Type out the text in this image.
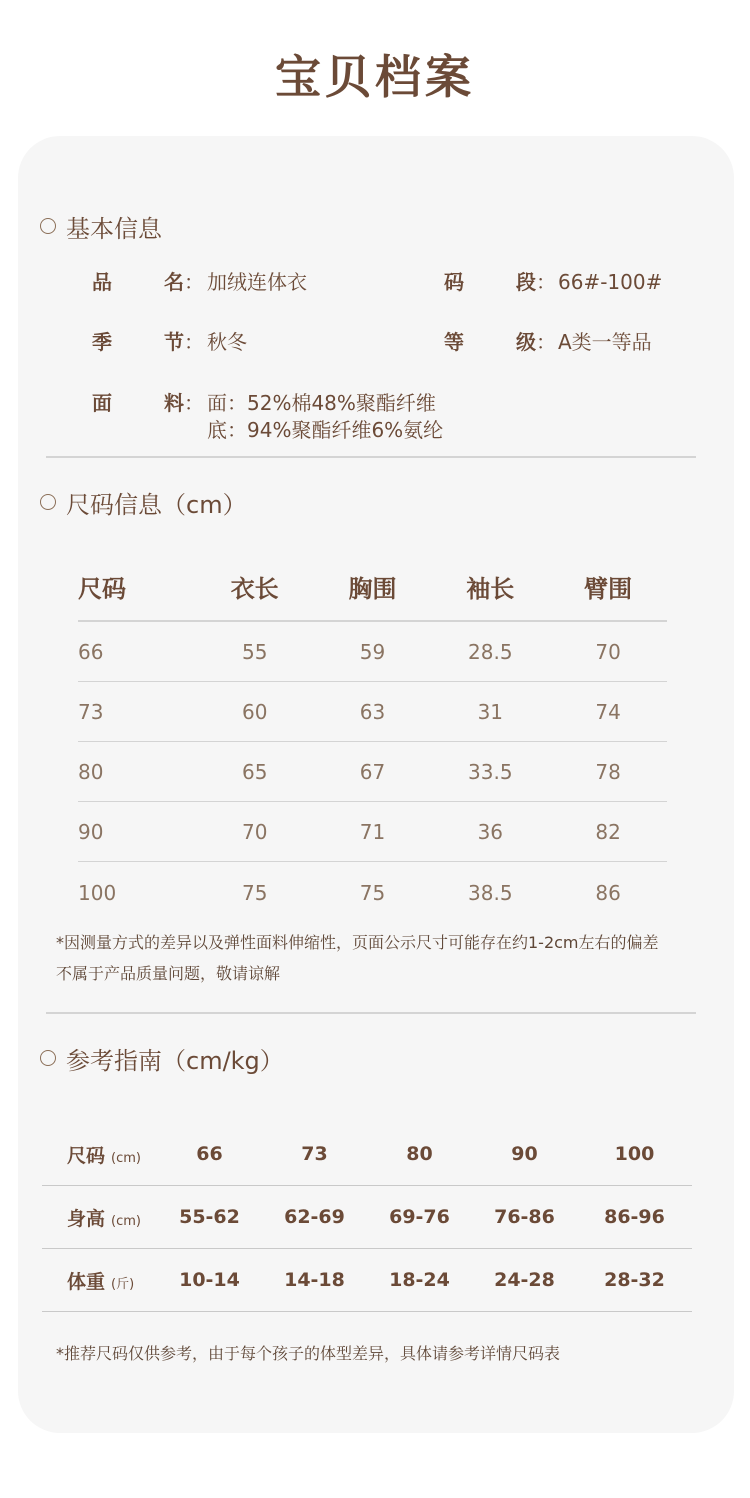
宝贝档案
基本信息
品	名 ： 加绒连体衣	码	段 ： 66#-100#
季	节 ： 秋冬	等	级 ： A类一等品
面	料 ： 面：52%棉48%聚酯纤维
底：94%聚酯纤维6%氨纶
尺码信息（cm）
尺码	衣长	胸围	袖长	臂围
66	55	59	28.5	70
73	60	63	31	74
80	65	67	33.5	78
90	70	71	36	82
100	75	75	38.5	86
*因测量方式的差异以及弹性面料伸缩性，页面公示尺寸可能存在约1-2cm左右的偏差
不属于产品质量问题，敬请谅解
参考指南（cm/kg）
尺码 (cm)	66	73	80	90	100
身高 (cm)	55-62	62-69	69-76	76-86	86-96
体重 (斤)	10-14	14-18	18-24	24-28	28-32
*推荐尺码仅供参考，由于每个孩子的体型差异，具体请参考详情尺码表
